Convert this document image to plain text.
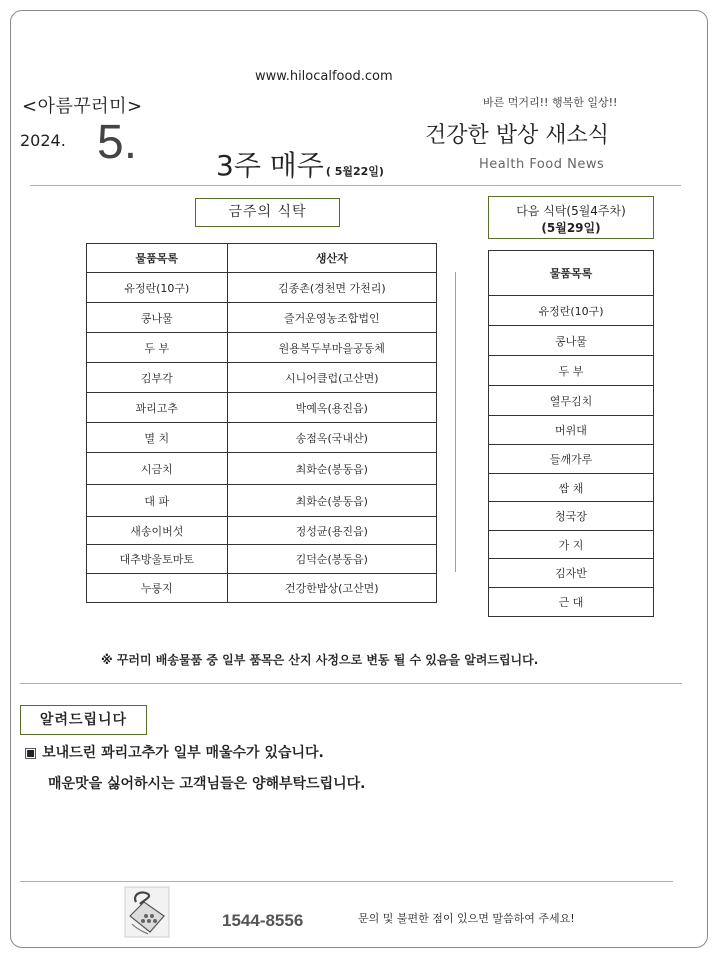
www.hilocalfood.com
<아름꾸러미>	바른 먹거리!! 행복한 일상!!
2024. 5.	3주 매주 ( 5월22일)
건강한 밥상 새소식
Health Food News
금주의 식탁	다음 식탁(5월4주차)
(5월29일)
물품목록	생산자
유정란(10구)	김종촌(경천면 가천리)
콩나물	즐거운영농조합법인
두 부	원용복두부마을공동체
김부각	시니어클럽(고산면)
꽈리고추	박예옥(용진읍)
멸 치	송점옥(국내산)
시금치	최화순(봉동읍)
대 파	최화순(봉동읍)
새송이버섯	정성균(용진읍)
대추방울토마토	김덕순(봉동읍)
누룽지	건강한밥상(고산면)
물품목록
유정란(10구)
콩나물
두 부
열무김치
머위대
들깨가루
쌈 채
청국장
가 지
김자반
근 대
※ 꾸러미 배송물품 중 일부 품목은 산지 사정으로 변동 될 수 있음을 알려드립니다.
알려드립니다
▣ 보내드린 꽈리고추가 일부 매울수가 있습니다.
매운맛을 싫어하시는 고객님들은 양해부탁드립니다.
1544-8556	문의 및 불편한 점이 있으면 말씀하여 주세요!
